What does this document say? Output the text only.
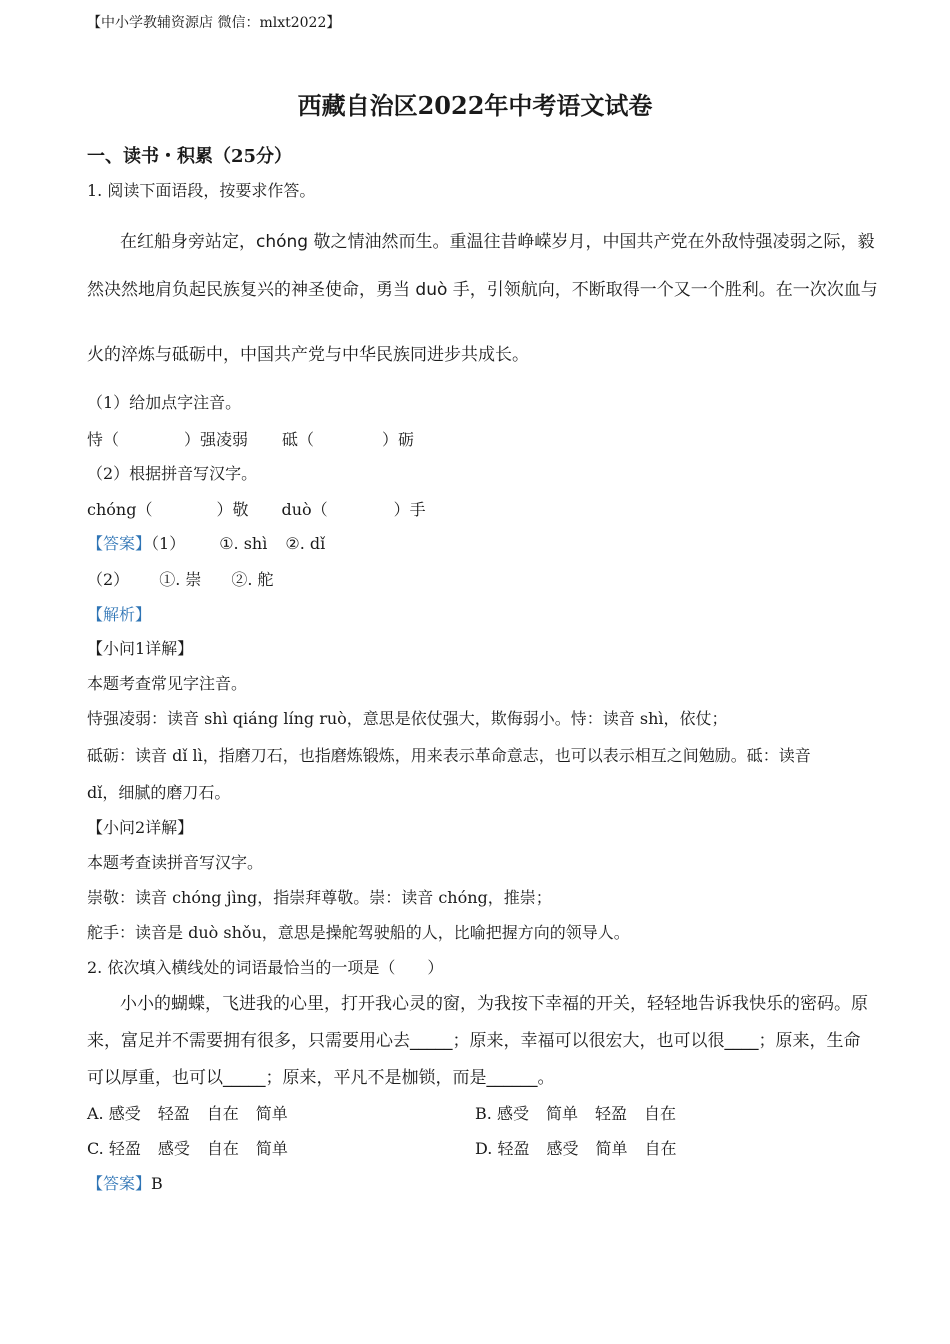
【中小学教辅资源店 微信：mlxt2022】
西藏自治区2022年中考语文试卷
一、读书・积累（25分）
1. 阅读下面语段，按要求作答。
在红船身旁站定，chóng 敬之情油然而生。重温往昔峥嵘岁月，中国共产党在外敌恃强凌弱之际，毅
然决然地肩负起民族复兴的神圣使命，勇当 duò 手，引领航向，不断取得一个又一个胜利。在一次次血与
火的淬炼与砥砺中，中国共产党与中华民族同进步共成长。
（1）给加点字注音。
恃（	）强凌弱 砥（	）砺
（2）根据拼音写汉字。
chóng（	）敬 duò（	）手
【答案】（1） ①. shì ②. dǐ
（2） ①. 崇 ②. 舵
【解析】
【小问1详解】
本题考查常见字注音。
恃强凌弱：读音 shì qiáng líng ruò，意思是依仗强大，欺侮弱小。恃：读音 shì，依仗；
砥砺：读音 dǐ lì，指磨刀石，也指磨炼锻炼，用来表示革命意志，也可以表示相互之间勉励。砥：读音
dǐ，细腻的磨刀石。
【小问2详解】
本题考查读拼音写汉字。
崇敬：读音 chóng jìng，指崇拜尊敬。崇：读音 chóng，推崇；
舵手：读音是 duò shǒu，意思是操舵驾驶船的人，比喻把握方向的领导人。
2. 依次填入横线处的词语最恰当的一项是（　　）
小小的蝴蝶，飞进我的心里，打开我心灵的窗，为我按下幸福的开关，轻轻地告诉我快乐的密码。原
来，富足并不需要拥有很多，只需要用心去_____；原来，幸福可以很宏大，也可以很____；原来，生命
可以厚重，也可以_____；原来，平凡不是枷锁，而是______。
A. 感受 轻盈 自在 简单	B. 感受 简单 轻盈 自在
C. 轻盈 感受 自在 简单	D. 轻盈 感受 简单 自在
【答案】B
